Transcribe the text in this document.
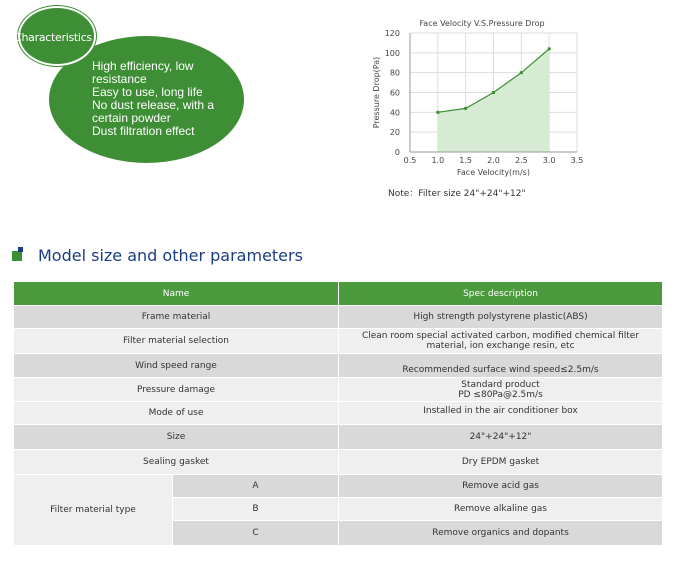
Characteristics
High efficiency, low resistance
Easy to use, long life
No dust release, with a certain powder
Dust filtration effect
0.5 1.0 1.5 2.0 2.5 3.0 3.5
0
20
40
60
80
100
120
Face Velocity V.S.Pressure Drop
Face Velocity(m/s)
Pressure Drop(Pa)
Note：Filter size 24"+24"+12"
Model size and other parameters
Name		Spec description
Frame material		High strength polystyrene plastic(ABS)
Filter material selection		Clean room special activated carbon, modified chemical filter material, ion exchange resin, etc
Wind speed range		Recommended surface wind speed≤2.5m/s
Pressure damage		Standard product
PD ≤80Pa@2.5m/s

Mode of use		Installed in the air conditioner box
Size		24"+24"+12"
Sealing gasket		Dry EPDM gasket
Filter material type	A	Remove acid gas
	B	Remove alkaline gas
	C	Remove organics and dopants
